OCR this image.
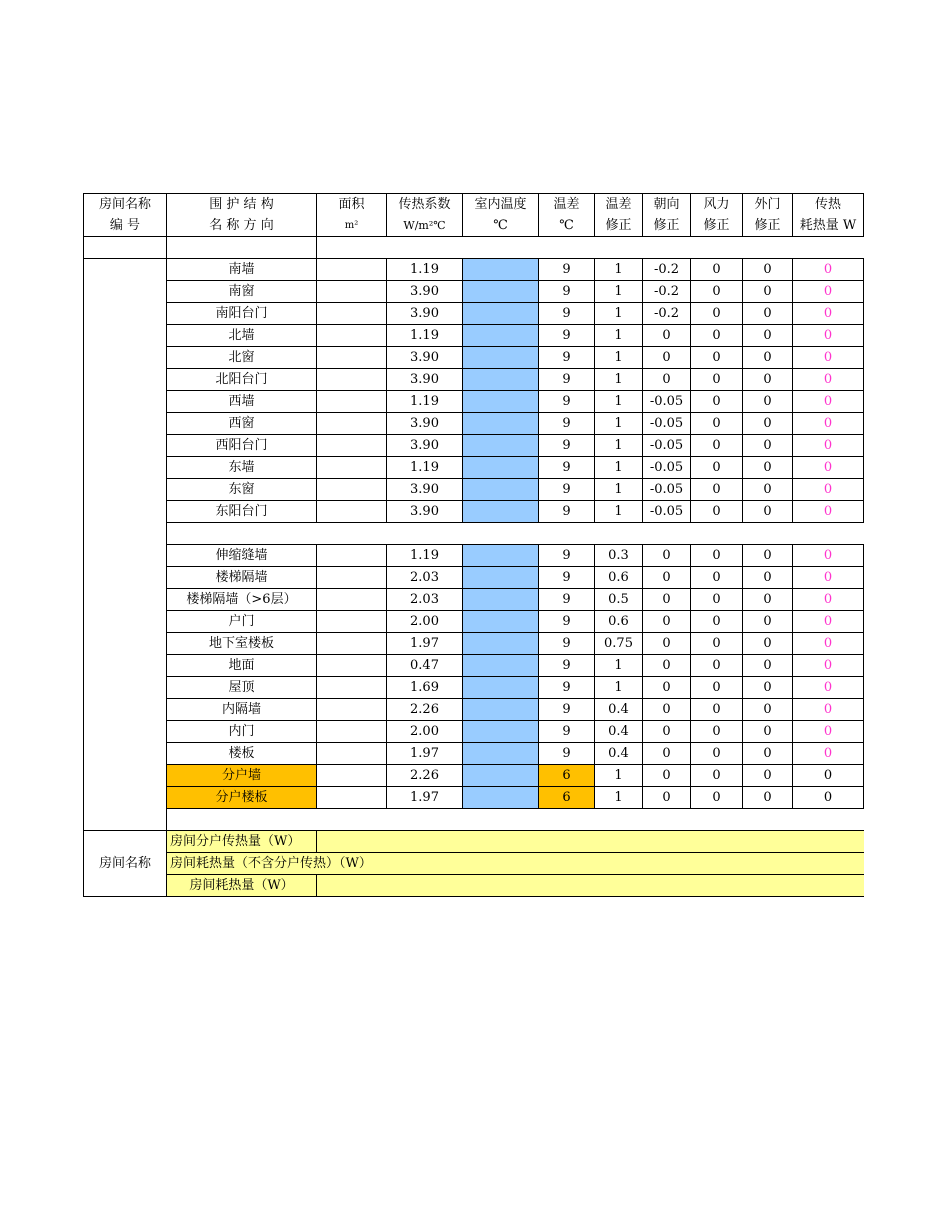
房间名称	围 护 结 构	面积	传热系数	室内温度	温差	温差	朝向	风力	外门	传热
编 号	名 称 方 向	m²	W/m²℃	℃	℃	修正	修正	修正	修正	耗热量 W

	南墙		1.19		9	1	-0.2	0	0	0
	南窗		3.90		9	1	-0.2	0	0	0
	南阳台门		3.90		9	1	-0.2	0	0	0
	北墙		1.19		9	1	0	0	0	0
	北窗		3.90		9	1	0	0	0	0
	北阳台门		3.90		9	1	0	0	0	0
	西墙		1.19		9	1	-0.05	0	0	0
	西窗		3.90		9	1	-0.05	0	0	0
	西阳台门		3.90		9	1	-0.05	0	0	0
	东墙		1.19		9	1	-0.05	0	0	0
	东窗		3.90		9	1	-0.05	0	0	0
	东阳台门		3.90		9	1	-0.05	0	0	0

	伸缩缝墙		1.19		9	0.3	0	0	0	0
	楼梯隔墙		2.03		9	0.6	0	0	0	0
	楼梯隔墙（>6层）		2.03		9	0.5	0	0	0	0
	户门		2.00		9	0.6	0	0	0	0
	地下室楼板		1.97		9	0.75	0	0	0	0
	地面		0.47		9	1	0	0	0	0
	屋顶		1.69		9	1	0	0	0	0
	内隔墙		2.26		9	0.4	0	0	0	0
	内门		2.00		9	0.4	0	0	0	0
	楼板		1.97		9	0.4	0	0	0	0
	分户墙		2.26		6	1	0	0	0	0
	分户楼板		1.97		6	1	0	0	0	0

房间名称	房间分户传热量（W）									
	房间耗热量（不含分户传热）（W）									
	房间耗热量（W）									
